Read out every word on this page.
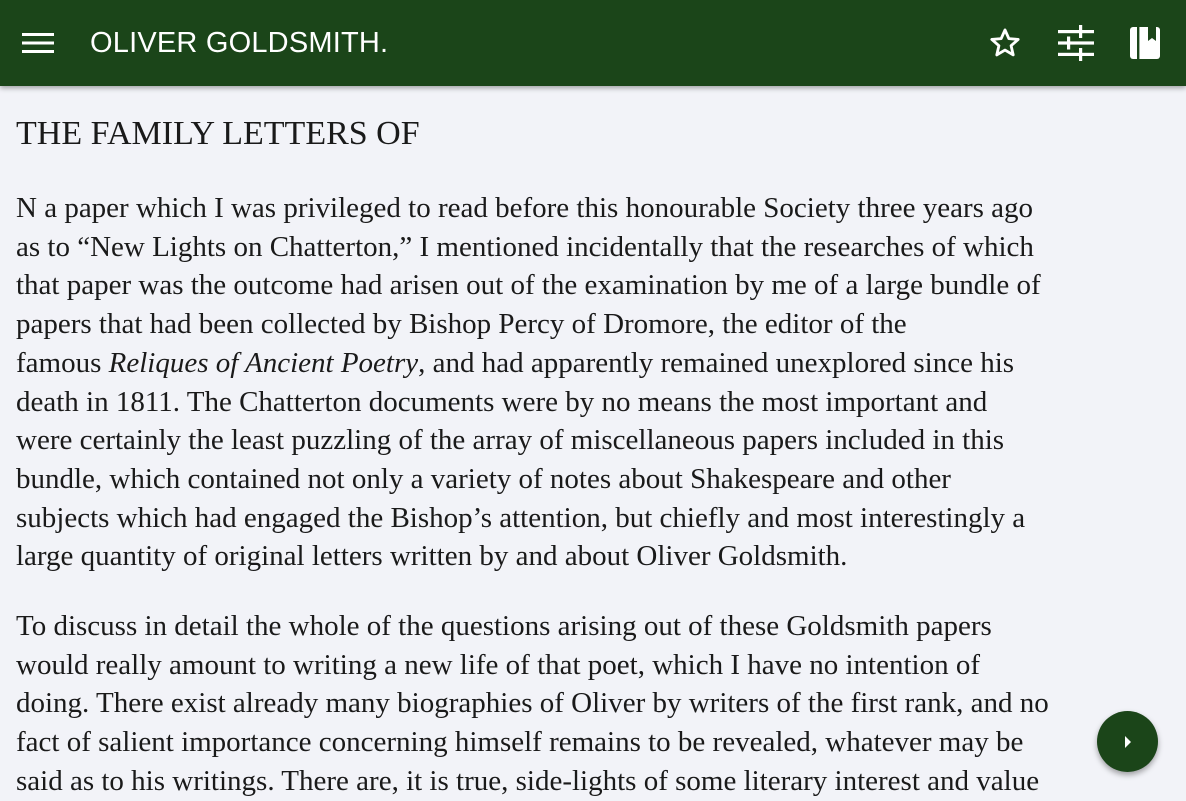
OLIVER GOLDSMITH.
THE FAMILY LETTERS OF

N a paper which I was privileged to read before this honourable Society three years ago
as to “New Lights on Chatterton,” I mentioned incidentally that the researches of which
that paper was the outcome had arisen out of the examination by me of a large bundle of
papers that had been collected by Bishop Percy of Dromore, the editor of the
famous Reliques of Ancient Poetry, and had apparently remained unexplored since his
death in 1811. The Chatterton documents were by no means the most important and
were certainly the least puzzling of the array of miscellaneous papers included in this
bundle, which contained not only a variety of notes about Shakespeare and other
subjects which had engaged the Bishop’s attention, but chiefly and most interestingly a
large quantity of original letters written by and about Oliver Goldsmith.

To discuss in detail the whole of the questions arising out of these Goldsmith papers
would really amount to writing a new life of that poet, which I have no intention of
doing. There exist already many biographies of Oliver by writers of the first rank, and no
fact of salient importance concerning himself remains to be revealed, whatever may be
said as to his writings. There are, it is true, side-lights of some literary interest and value
